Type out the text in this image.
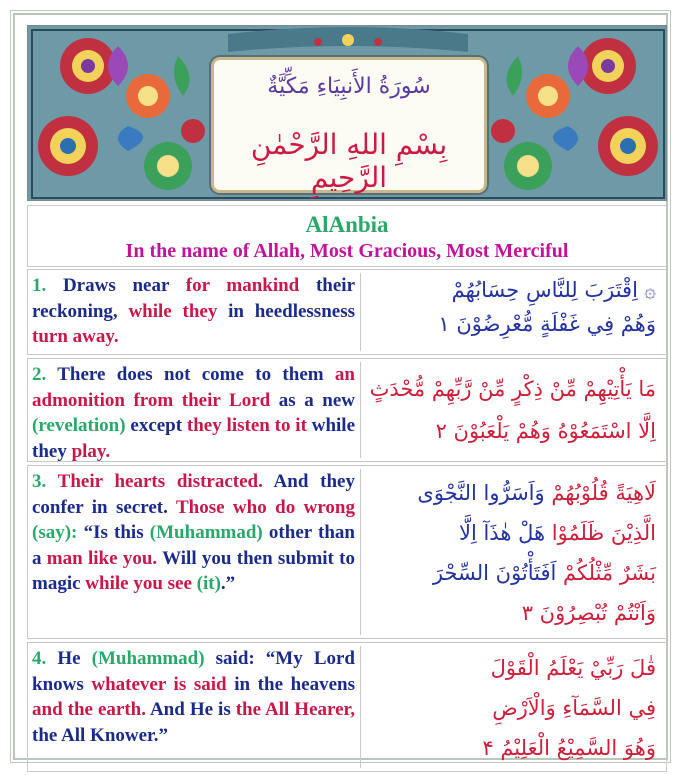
سُورَةُ الأَنبِيَاءِ مَكِّيَّةٌ
بِسْمِ اللهِ الرَّحْمٰنِ الرَّحِيمِ
AlAnbia
In the name of Allah, Most Gracious, Most Merciful
1. Draws near for mankind their reckoning, while they in heedlessness turn away.
۞ اِقْتَرَبَ لِلنَّاسِ حِسَابُهُمْ
وَهُمْ فِي غَفْلَةٍ مُّعْرِضُوْنَ ۱
2. There does not come to them an admonition from their Lord as a new (revelation) except they listen to it while they play.
مَا يَأْتِيْهِمْ مِّنْ ذِكْرٍ مِّنْ رَّبِّهِمْ مُّحْدَثٍ
اِلَّا اسْتَمَعُوْهُ وَهُمْ يَلْعَبُوْنَ ۲
3. Their hearts distracted. And they confer in secret. Those who do wrong (say): “Is this (Muhammad) other than a man like you. Will you then submit to magic while you see (it).”
لَاهِيَةً قُلُوْبُهُمْ وَاَسَرُّوا النَّجْوَى
الَّذِيْنَ ظَلَمُوْا هَلْ هٰذَآ اِلَّا
بَشَرٌ مِّثْلُكُمْ اَفَتَأْتُوْنَ السِّحْرَ
وَاَنْتُمْ تُبْصِرُوْنَ ۳
4. He (Muhammad) said: “My Lord knows whatever is said in the heavens and the earth. And He is the All Hearer, the All Knower.”
قٰلَ رَبِّيْ يَعْلَمُ الْقَوْلَ
فِي السَّمَآءِ وَالْاَرْضِ
وَهُوَ السَّمِيْعُ الْعَلِيْمُ ۴
